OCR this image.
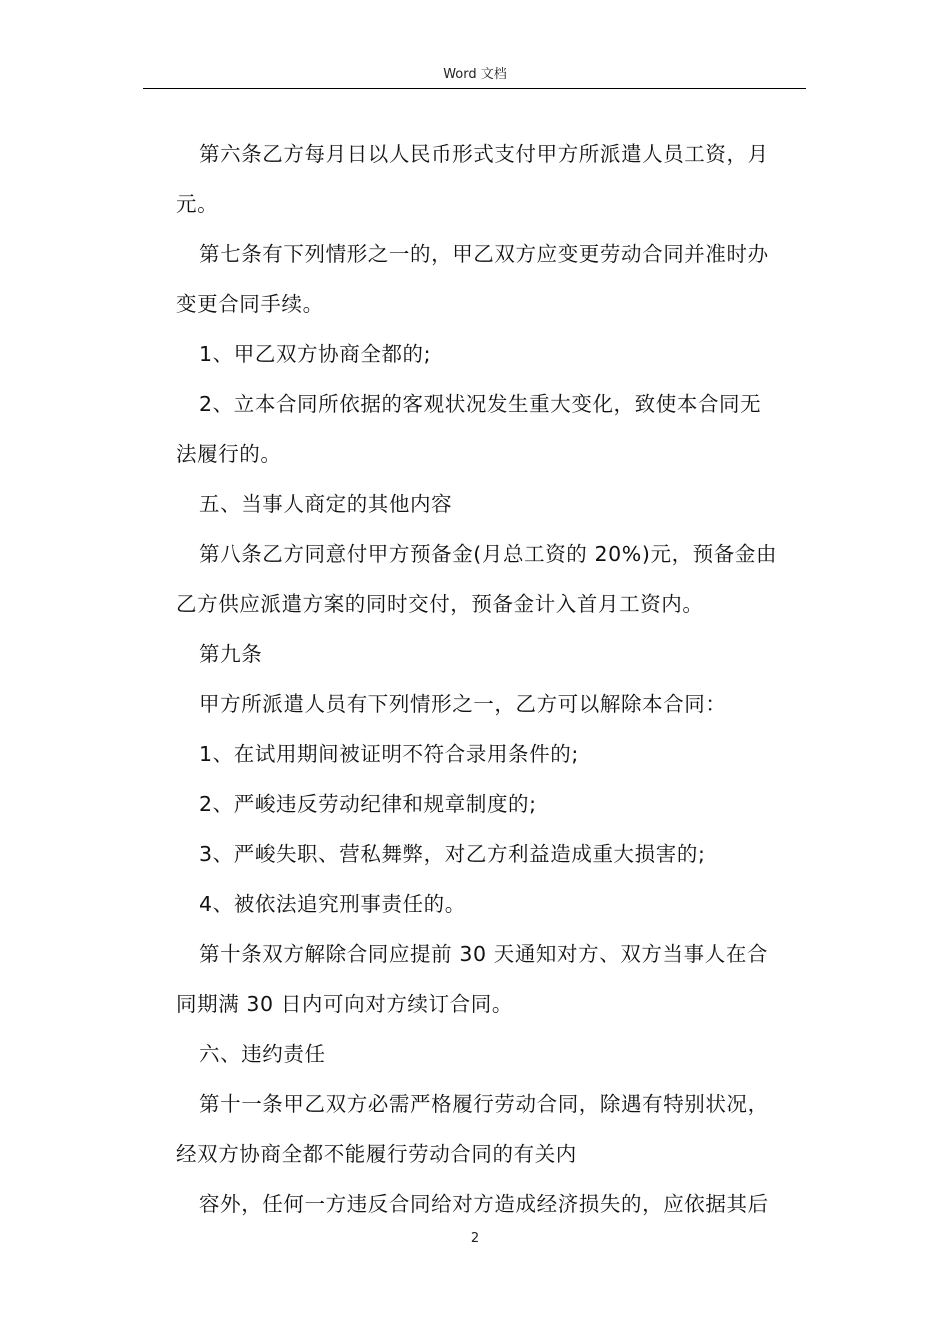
Word 文档

第六条乙方每月日以人民币形式支付甲方所派遣人员工资，月

元。

第七条有下列情形之一的，甲乙双方应变更劳动合同并准时办

变更合同手续。

1、甲乙双方协商全都的;

2、立本合同所依据的客观状况发生重大变化，致使本合同无

法履行的。

五、当事人商定的其他内容

第八条乙方同意付甲方预备金(月总工资的 20%)元，预备金由

乙方供应派遣方案的同时交付，预备金计入首月工资内。

第九条

甲方所派遣人员有下列情形之一，乙方可以解除本合同：

1、在试用期间被证明不符合录用条件的;

2、严峻违反劳动纪律和规章制度的;

3、严峻失职、营私舞弊，对乙方利益造成重大损害的;

4、被依法追究刑事责任的。

第十条双方解除合同应提前 30 天通知对方、双方当事人在合

同期满 30 日内可向对方续订合同。

六、违约责任

第十一条甲乙双方必需严格履行劳动合同，除遇有特别状况，

经双方协商全都不能履行劳动合同的有关内

容外，任何一方违反合同给对方造成经济损失的，应依据其后

2
